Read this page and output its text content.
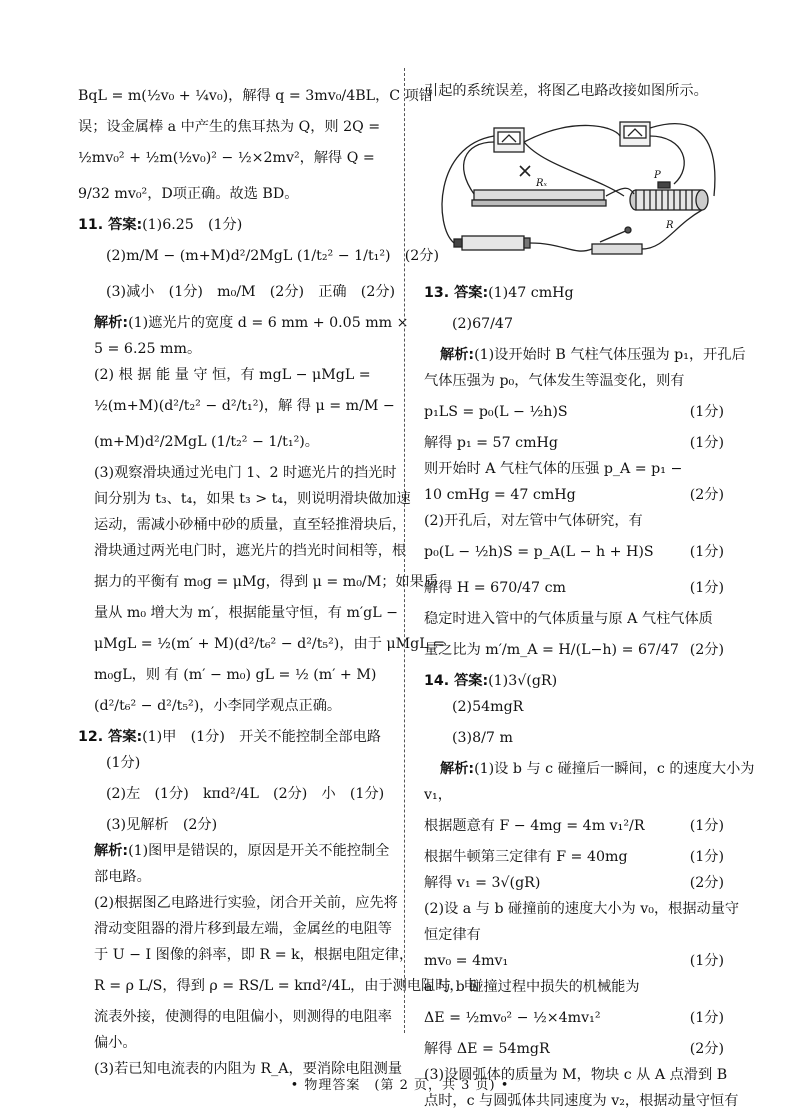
BqL = m(½v₀ + ¼v₀)，解得 q = 3mv₀/4BL，C 项错
误；设金属棒 a 中产生的焦耳热为 Q，则 2Q =
½mv₀² + ½m(½v₀)² − ½×2mv²，解得 Q =
9/32 mv₀²，D项正确。故选 BD。
11. 答案:(1)6.25　(1分)
(2)m/M − (m+M)d²/2MgL (1/t₂² − 1/t₁²)　(2分)
(3)减小　(1分)　m₀/M　(2分)　正确　(2分)
解析:(1)遮光片的宽度 d = 6 mm + 0.05 mm ×
5 = 6.25 mm。
(2) 根 据 能 量 守 恒，有 mgL − μMgL =
½(m+M)(d²/t₂² − d²/t₁²)，解 得 μ = m/M −
(m+M)d²/2MgL (1/t₂² − 1/t₁²)。
(3)观察滑块通过光电门 1、2 时遮光片的挡光时
间分别为 t₃、t₄，如果 t₃ > t₄，则说明滑块做加速
运动，需减小砂桶中砂的质量，直至轻推滑块后，
滑块通过两光电门时，遮光片的挡光时间相等，根
据力的平衡有 m₀g = μMg，得到 μ = m₀/M；如果质
量从 m₀ 增大为 m′，根据能量守恒，有 m′gL −
μMgL = ½(m′ + M)(d²/t₆² − d²/t₅²)，由于 μMgL =
m₀gL，则 有 (m′ − m₀) gL = ½ (m′ + M)
(d²/t₆² − d²/t₅²)，小李同学观点正确。
12. 答案:(1)甲　(1分)　开关不能控制全部电路
(1分)
(2)左　(1分)　kπd²/4L　(2分)　小　(1分)
(3)见解析　(2分)
解析:(1)图甲是错误的，原因是开关不能控制全
部电路。
(2)根据图乙电路进行实验，闭合开关前，应先将
滑动变阻器的滑片移到最左端，金属丝的电阻等
于 U − I 图像的斜率，即 R = k，根据电阻定律，
R = ρ L/S，得到 ρ = RS/L = kπd²/4L，由于测电阻时，电
流表外接，使测得的电阻偏小，则测得的电阻率
偏小。
(3)若已知电流表的内阻为 R_A，要消除电阻测量
引起的系统误差，将图乙电路改接如图所示。
Rₓ
P
R
13. 答案:(1)47 cmHg
(2)67/47
解析:(1)设开始时 B 气柱气体压强为 p₁，开孔后
气体压强为 p₀，气体发生等温变化，则有
p₁LS = p₀(L − ½h)S	(1分)
解得 p₁ = 57 cmHg	(1分)
则开始时 A 气柱气体的压强 p_A = p₁ −
10 cmHg = 47 cmHg	(2分)
(2)开孔后，对左管中气体研究，有
p₀(L − ½h)S = p_A(L − h + H)S	(1分)
解得 H = 670/47 cm	(1分)
稳定时进入管中的气体质量与原 A 气柱气体质
量之比为 m′/m_A = H/(L−h) = 67/47 (2分)
14. 答案:(1)3√(gR)
(2)54mgR
(3)8/7 m
解析:(1)设 b 与 c 碰撞后一瞬间，c 的速度大小为
v₁，
根据题意有 F − 4mg = 4m v₁²/R	(1分)
根据牛顿第三定律有 F = 40mg	(1分)
解得 v₁ = 3√(gR)	(2分)
(2)设 a 与 b 碰撞前的速度大小为 v₀，根据动量守
恒定律有
mv₀ = 4mv₁	(1分)
a 与 b 碰撞过程中损失的机械能为
ΔE = ½mv₀² − ½×4mv₁²	(1分)
解得 ΔE = 54mgR	(2分)
(3)设圆弧体的质量为 M，物块 c 从 A 点滑到 B
点时，c 与圆弧体共同速度为 v₂，根据动量守恒有
• 物理答案　(第 2 页，共 3 页) •
